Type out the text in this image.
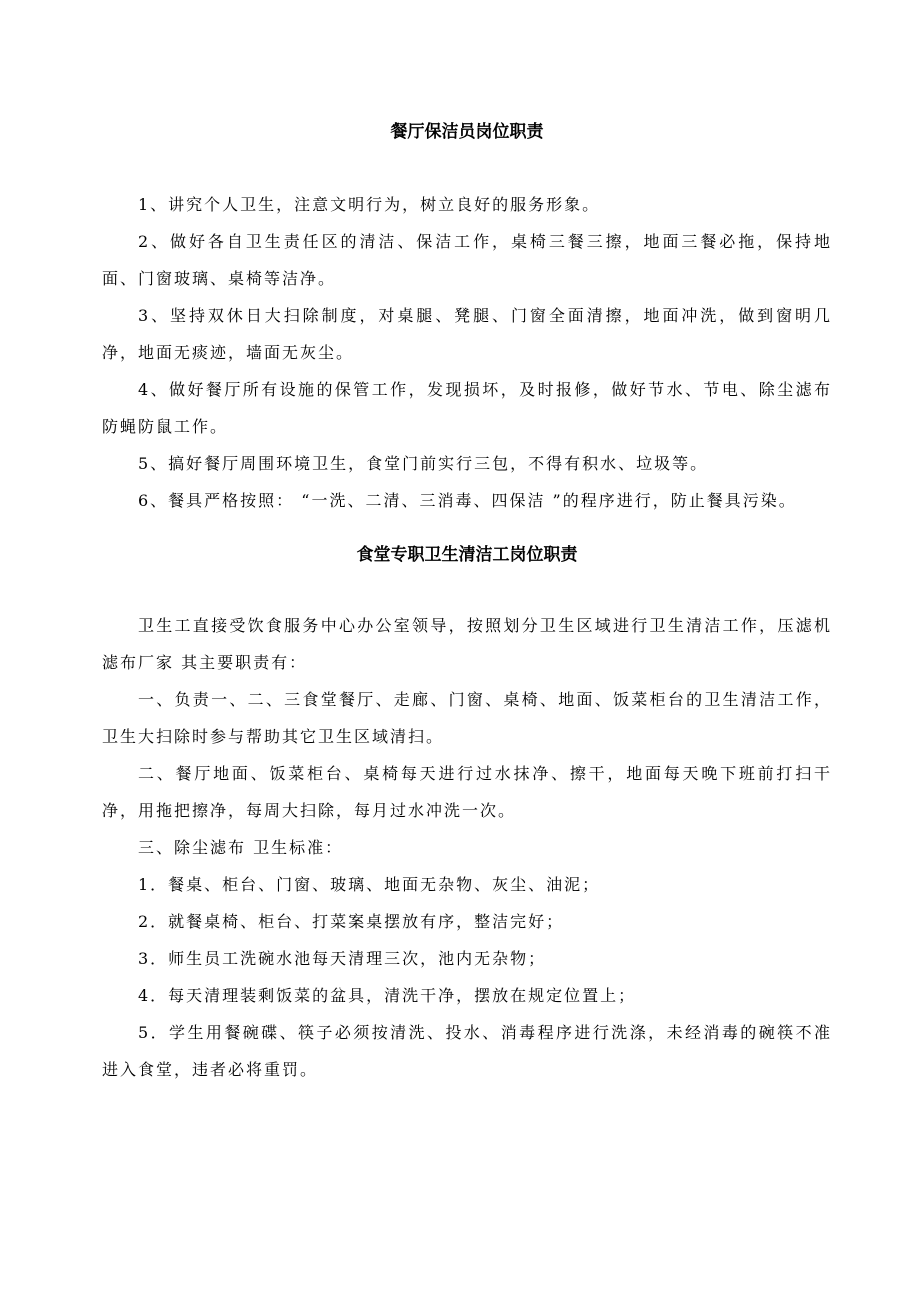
餐厅保洁员岗位职责

1、讲究个人卫生，注意文明行为，树立良好的服务形象。

2、做好各自卫生责任区的清洁、保洁工作，桌椅三餐三擦，地面三餐必拖，保持地面、门窗玻璃、桌椅等洁净。

3、坚持双休日大扫除制度，对桌腿、凳腿、门窗全面清擦，地面冲洗，做到窗明几净，地面无痰迹，墙面无灰尘。

4、做好餐厅所有设施的保管工作，发现损坏，及时报修，做好节水、节电、除尘滤布防蝇防鼠工作。

5、搞好餐厅周围环境卫生，食堂门前实行三包，不得有积水、垃圾等。

6、餐具严格按照： “一洗、二清、三消毒、四保洁 ”的程序进行，防止餐具污染。

食堂专职卫生清洁工岗位职责

卫生工直接受饮食服务中心办公室领导，按照划分卫生区域进行卫生清洁工作，压滤机滤布厂家 其主要职责有：

一、负责一、二、三食堂餐厅、走廊、门窗、桌椅、地面、饭菜柜台的卫生清洁工作，卫生大扫除时参与帮助其它卫生区域清扫。

二、餐厅地面、饭菜柜台、桌椅每天进行过水抹净、擦干，地面每天晚下班前打扫干净，用拖把擦净，每周大扫除，每月过水冲洗一次。

三、除尘滤布 卫生标准：

1．餐桌、柜台、门窗、玻璃、地面无杂物、灰尘、油泥；

2．就餐桌椅、柜台、打菜案桌摆放有序，整洁完好；

3．师生员工洗碗水池每天清理三次，池内无杂物；

4．每天清理装剩饭菜的盆具，清洗干净，摆放在规定位置上；

5．学生用餐碗碟、筷子必须按清洗、投水、消毒程序进行洗涤，未经消毒的碗筷不准进入食堂，违者必将重罚。
